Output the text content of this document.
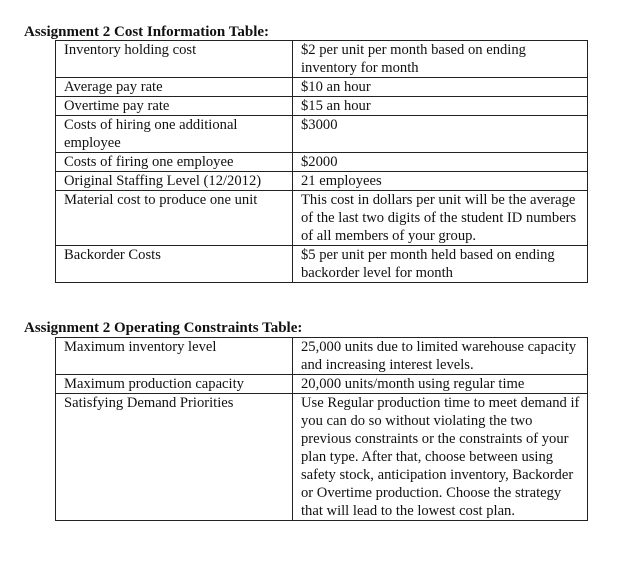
Assignment 2 Cost Information Table:
Inventory holding cost	$2 per unit per month based on ending inventory for month

Average pay rate	$10 an hour

Overtime pay rate	$15 an hour

Costs of hiring one additional employee	$3000

Costs of firing one employee	$2000

Original Staffing Level (12/2012)	21 employees

Material cost to produce one unit	This cost in dollars per unit will be the average of the last two digits of the student ID numbers of all members of your group.

Backorder Costs	$5 per unit per month held based on ending backorder level for month
Assignment 2 Operating Constraints Table:
Maximum inventory level	25,000 units due to limited warehouse capacity and increasing interest levels.

Maximum production capacity	20,000 units/month using regular time

Satisfying Demand Priorities	Use Regular production time to meet demand if you can do so without violating the two previous constraints or the constraints of your plan type. After that, choose between using safety stock, anticipation inventory, Backorder or Overtime production. Choose the strategy that will lead to the lowest cost plan.
